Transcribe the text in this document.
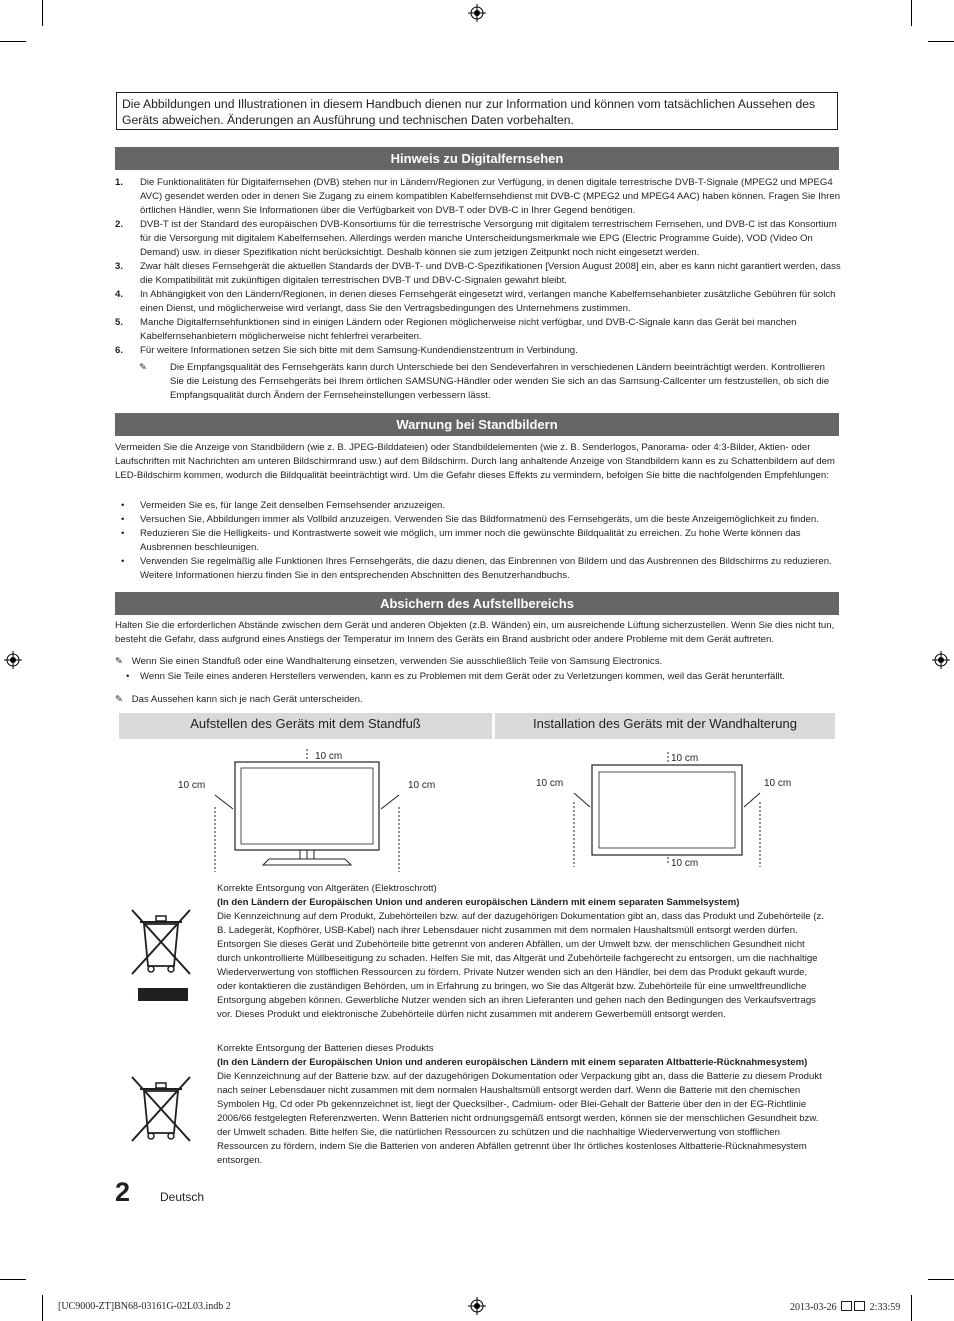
Die Abbildungen und Illustrationen in diesem Handbuch dienen nur zur Information und können vom tatsächlichen Aussehen des Geräts abweichen. Änderungen an Ausführung und technischen Daten vorbehalten.
Hinweis zu Digitalfernsehen
1. Die Funktionalitäten für Digitalfernsehen (DVB) stehen nur in Ländern/Regionen zur Verfügung, in denen digitale terrestrische DVB-T-Signale (MPEG2 und MPEG4 AVC) gesendet werden oder in denen Sie Zugang zu einem kompatiblen Kabelfernsehdienst mit DVB-C (MPEG2 und MPEG4 AAC) haben können. Fragen Sie Ihren örtlichen Händler, wenn Sie Informationen über die Verfügbarkeit von DVB-T oder DVB-C in Ihrer Gegend benötigen.
2. DVB-T ist der Standard des europäischen DVB-Konsortiums für die terrestrische Versorgung mit digitalem terrestrischem Fernsehen, und DVB-C ist das Konsortium für die Versorgung mit digitalem Kabelfernsehen. Allerdings werden manche Unterscheidungsmerkmale wie EPG (Electric Programme Guide), VOD (Video On Demand) usw. in dieser Spezifikation nicht berücksichtigt. Deshalb können sie zum jetzigen Zeitpunkt noch nicht eingesetzt werden.
3. Zwar hält dieses Fernsehgerät die aktuellen Standards der DVB-T- und DVB-C-Spezifikationen [Version August 2008] ein, aber es kann nicht garantiert werden, dass die Kompatibilität mit zukünftigen digitalen terrestrischen DVB-T und DBV-C-Signalen gewahrt bleibt.
4. In Abhängigkeit von den Ländern/Regionen, in denen dieses Fernsehgerät eingesetzt wird, verlangen manche Kabelfernsehanbieter zusätzliche Gebühren für solch einen Dienst, und möglicherweise wird verlangt, dass Sie den Vertragsbedingungen des Unternehmens zustimmen.
5. Manche Digitalfernsehfunktionen sind in einigen Ländern oder Regionen möglicherweise nicht verfügbar, und DVB-C-Signale kann das Gerät bei manchen Kabelfernsehanbietern möglicherweise nicht fehlerfrei verarbeiten.
6. Für weitere Informationen setzen Sie sich bitte mit dem Samsung-Kundendienstzentrum in Verbindung.
✎ Die Empfangsqualität des Fernsehgeräts kann durch Unterschiede bei den Sendeverfahren in verschiedenen Ländern beeinträchtigt werden. Kontrollieren Sie die Leistung des Fernsehgeräts bei Ihrem örtlichen SAMSUNG-Händler oder wenden Sie sich an das Samsung-Callcenter um festzustellen, ob sich die Empfangsqualität durch Ändern der Fernseheinstellungen verbessern lässt.
Warnung bei Standbildern
Vermeiden Sie die Anzeige von Standbildern (wie z. B. JPEG-Bilddateien) oder Standbildelementen (wie z. B. Senderlogos, Panorama- oder 4:3-Bilder, Aktien- oder Laufschriften mit Nachrichten am unteren Bildschirmrand usw.) auf dem Bildschirm. Durch lang anhaltende Anzeige von Standbildern kann es zu Schattenbildern auf dem LED-Bildschirm kommen, wodurch die Bildqualität beeinträchtigt wird. Um die Gefahr dieses Effekts zu vermindern, befolgen Sie bitte die nachfolgenden Empfehlungen:
• Vermeiden Sie es, für lange Zeit denselben Fernsehsender anzuzeigen.
• Versuchen Sie, Abbildungen immer als Vollbild anzuzeigen. Verwenden Sie das Bildformatmenü des Fernsehgeräts, um die beste Anzeigemöglichkeit zu finden.
• Reduzieren Sie die Helligkeits- und Kontrastwerte soweit wie möglich, um immer noch die gewünschte Bildqualität zu erreichen. Zu hohe Werte können das Ausbrennen beschleunigen.
• Verwenden Sie regelmäßig alle Funktionen Ihres Fernsehgeräts, die dazu dienen, das Einbrennen von Bildern und das Ausbrennen des Bildschirms zu reduzieren. Weitere Informationen hierzu finden Sie in den entsprechenden Abschnitten des Benutzerhandbuchs.
Absichern des Aufstellbereichs
Halten Sie die erforderlichen Abstände zwischen dem Gerät und anderen Objekten (z.B. Wänden) ein, um ausreichende Lüftung sicherzustellen. Wenn Sie dies nicht tun, besteht die Gefahr, dass aufgrund eines Anstiegs der Temperatur im Innern des Geräts ein Brand ausbricht oder andere Probleme mit dem Gerät auftreten.
✎ Wenn Sie einen Standfuß oder eine Wandhalterung einsetzen, verwenden Sie ausschließlich Teile von Samsung Electronics.
• Wenn Sie Teile eines anderen Herstellers verwenden, kann es zu Problemen mit dem Gerät oder zu Verletzungen kommen, weil das Gerät herunterfällt.
✎ Das Aussehen kann sich je nach Gerät unterscheiden.
Aufstellen des Geräts mit dem Standfuß	Installation des Geräts mit der Wandhalterung
10 cm
10 cm	10 cm
10 cm
10 cm	10 cm
10 cm
Korrekte Entsorgung von Altgeräten (Elektroschrott)
(In den Ländern der Europäischen Union und anderen europäischen Ländern mit einem separaten Sammelsystem)
Die Kennzeichnung auf dem Produkt, Zubehörteilen bzw. auf der dazugehörigen Dokumentation gibt an, dass das Produkt und Zubehörteile (z. B. Ladegerät, Kopfhörer, USB-Kabel) nach ihrer Lebensdauer nicht zusammen mit dem normalen Haushaltsmüll entsorgt werden dürfen. Entsorgen Sie dieses Gerät und Zubehörteile bitte getrennt von anderen Abfällen, um der Umwelt bzw. der menschlichen Gesundheit nicht durch unkontrollierte Müllbeseitigung zu schaden. Helfen Sie mit, das Altgerät und Zubehörteile fachgerecht zu entsorgen, um die nachhaltige Wiederverwertung von stofflichen Ressourcen zu fördern. Private Nutzer wenden sich an den Händler, bei dem das Produkt gekauft wurde, oder kontaktieren die zuständigen Behörden, um in Erfahrung zu bringen, wo Sie das Altgerät bzw. Zubehörteile für eine umweltfreundliche Entsorgung abgeben können. Gewerbliche Nutzer wenden sich an ihren Lieferanten und gehen nach den Bedingungen des Verkaufsvertrags vor. Dieses Produkt und elektronische Zubehörteile dürfen nicht zusammen mit anderem Gewerbemüll entsorgt werden.
Korrekte Entsorgung der Batterien dieses Produkts
(In den Ländern der Europäischen Union und anderen europäischen Ländern mit einem separaten Altbatterie-Rücknahmesystem)
Die Kennzeichnung auf der Batterie bzw. auf der dazugehörigen Dokumentation oder Verpackung gibt an, dass die Batterie zu diesem Produkt nach seiner Lebensdauer nicht zusammen mit dem normalen Haushaltsmüll entsorgt werden darf. Wenn die Batterie mit den chemischen Symbolen Hg, Cd oder Pb gekennzeichnet ist, liegt der Quecksilber-, Cadmium- oder Blei-Gehalt der Batterie über den in der EG-Richtlinie 2006/66 festgelegten Referenzwerten. Wenn Batterien nicht ordnungsgemäß entsorgt werden, können sie der menschlichen Gesundheit bzw. der Umwelt schaden. Bitte helfen Sie, die natürlichen Ressourcen zu schützen und die nachhaltige Wiederverwertung von stofflichen Ressourcen zu fördern, indem Sie die Batterien von anderen Abfällen getrennt über Ihr örtliches kostenloses Altbatterie-Rücknahmesystem entsorgen.
2 Deutsch
[UC9000-ZT]BN68-03161G-02L03.indb 2	2013-03-26	2:33:59
